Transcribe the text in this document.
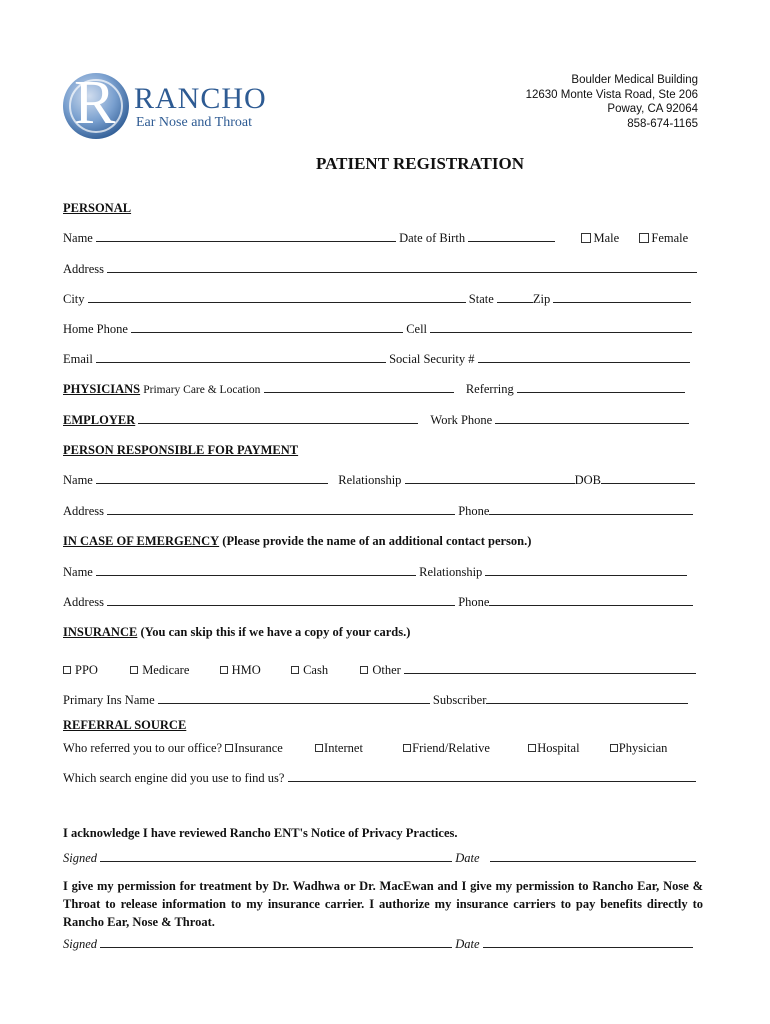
R RANCHO
Ear Nose and Throat
Boulder Medical Building
12630 Monte Vista Road, Ste 206
Poway, CA 92064
858-674-1165
PATIENT REGISTRATION
PERSONAL
Name	Date of Birth	Male	Female
Address
City	State	Zip
Home Phone	Cell
Email	Social Security #
PHYSICIANS Primary Care & Location	Referring
EMPLOYER	Work Phone
PERSON RESPONSIBLE FOR PAYMENT
Name	Relationship	DOB
Address	Phone
IN CASE OF EMERGENCY (Please provide the name of an additional contact person.)
Name	Relationship
Address	Phone
INSURANCE (You can skip this if we have a copy of your cards.)
PPO	Medicare	HMO	Cash	Other
Primary Ins Name	Subscriber
REFERRAL SOURCE
Who referred you to our office? Insurance	Internet	Friend/Relative	Hospital	Physician
Which search engine did you use to find us?
I acknowledge I have reviewed Rancho ENT's Notice of Privacy Practices.
Signed	Date
I give my permission for treatment by Dr. Wadhwa or Dr. MacEwan and I give my permission to Rancho Ear, Nose & Throat to release information to my insurance carrier. I authorize my insurance carriers to pay benefits directly to Rancho Ear, Nose & Throat.
Signed	Date
